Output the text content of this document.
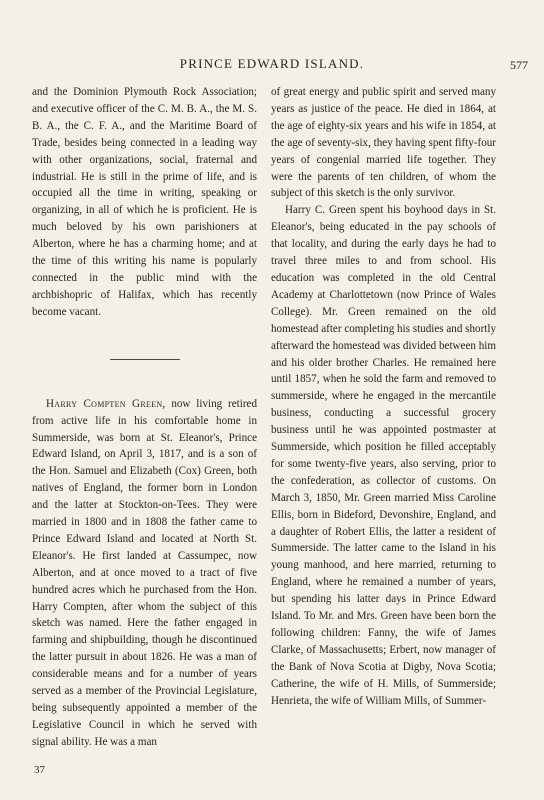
PRINCE EDWARD ISLAND.	577

and the Dominion Plymouth Rock Association; and executive officer of the C. M. B. A., the M. S. B. A., the C. F. A., and the Maritime Board of Trade, besides being connected in a leading way with other organizations, social, fraternal and industrial. He is still in the prime of life, and is occupied all the time in writing, speaking or organizing, in all of which he is proficient. He is much beloved by his own parishioners at Alberton, where he has a charming home; and at the time of this writing his name is popularly connected in the public mind with the archbishopric of Halifax, which has recently become vacant.

Harry Compten Green, now living retired from active life in his comfortable home in Summerside, was born at St. Eleanor's, Prince Edward Island, on April 3, 1817, and is a son of the Hon. Samuel and Elizabeth (Cox) Green, both natives of England, the former born in London and the latter at Stockton-on-Tees. They were married in 1800 and in 1808 the father came to Prince Edward Island and located at North St. Eleanor's. He first landed at Cassumpec, now Alberton, and at once moved to a tract of five hundred acres which he purchased from the Hon. Harry Compten, after whom the subject of this sketch was named. Here the father engaged in farming and shipbuilding, though he discontinued the latter pursuit in about 1826. He was a man of considerable means and for a number of years served as a member of the Provincial Legislature, being subsequently appointed a member of the Legislative Council in which he served with signal ability. He was a man

of great energy and public spirit and served many years as justice of the peace. He died in 1864, at the age of eighty-six years and his wife in 1854, at the age of seventy-six, they having spent fifty-four years of congenial married life together. They were the parents of ten children, of whom the subject of this sketch is the only survivor.

Harry C. Green spent his boyhood days in St. Eleanor's, being educated in the pay schools of that locality, and during the early days he had to travel three miles to and from school. His education was completed in the old Central Academy at Charlottetown (now Prince of Wales College). Mr. Green remained on the old homestead after completing his studies and shortly afterward the homestead was divided between him and his older brother Charles. He remained here until 1857, when he sold the farm and removed to summerside, where he engaged in the mercantile business, conducting a successful grocery business until he was appointed postmaster at Summerside, which position he filled acceptably for some twenty-five years, also serving, prior to the confederation, as collector of customs. On March 3, 1850, Mr. Green married Miss Caroline Ellis, born in Bideford, Devonshire, England, and a daughter of Robert Ellis, the latter a resident of Summerside. The latter came to the Island in his young manhood, and here married, returning to England, where he remained a number of years, but spending his latter days in Prince Edward Island. To Mr. and Mrs. Green have been born the following children: Fanny, the wife of James Clarke, of Massachusetts; Erbert, now manager of the Bank of Nova Scotia at Digby, Nova Scotia; Catherine, the wife of H. Mills, of Summerside; Henrieta, the wife of William Mills, of Summer-

37
